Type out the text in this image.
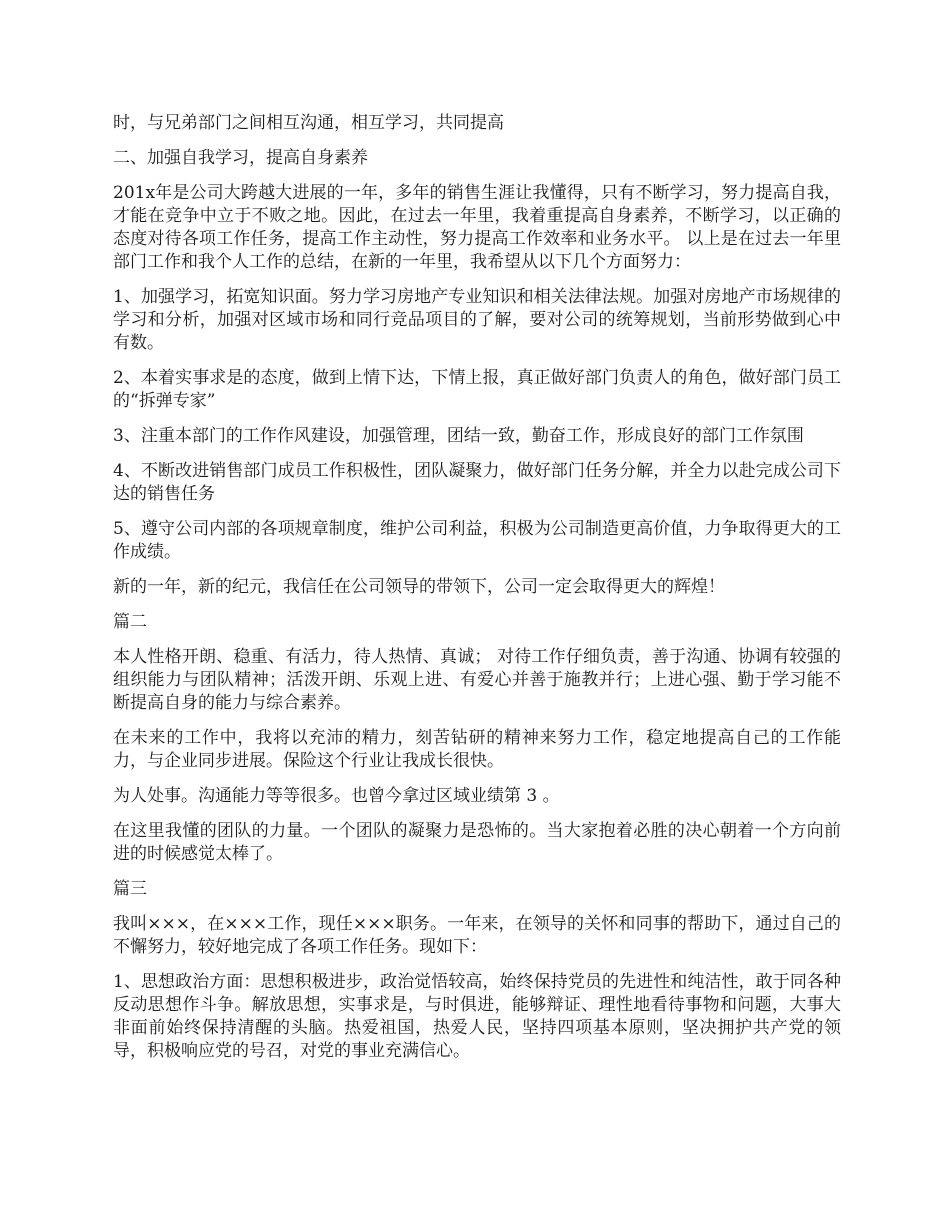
时，与兄弟部门之间相互沟通，相互学习，共同提高

二、加强自我学习，提高自身素养

201x年是公司大跨越大进展的一年，多年的销售生涯让我懂得，只有不断学习，努力提高自我，才能在竞争中立于不败之地。因此，在过去一年里，我着重提高自身素养，不断学习，以正确的态度对待各项工作任务，提高工作主动性，努力提高工作效率和业务水平。 以上是在过去一年里部门工作和我个人工作的总结，在新的一年里，我希望从以下几个方面努力：

1、加强学习，拓宽知识面。努力学习房地产专业知识和相关法律法规。加强对房地产市场规律的学习和分析，加强对区域市场和同行竞品项目的了解，要对公司的统筹规划，当前形势做到心中有数。

2、本着实事求是的态度，做到上情下达，下情上报，真正做好部门负责人的角色，做好部门员工的“拆弹专家”

3、注重本部门的工作作风建设，加强管理，团结一致，勤奋工作，形成良好的部门工作氛围

4、不断改进销售部门成员工作积极性，团队凝聚力，做好部门任务分解，并全力以赴完成公司下达的销售任务

5、遵守公司内部的各项规章制度，维护公司利益，积极为公司制造更高价值，力争取得更大的工作成绩。

新的一年，新的纪元，我信任在公司领导的带领下，公司一定会取得更大的辉煌！

篇二

本人性格开朗、稳重、有活力，待人热情、真诚； 对待工作仔细负责，善于沟通、协调有较强的组织能力与团队精神；活泼开朗、乐观上进、有爱心并善于施教并行；上进心强、勤于学习能不断提高自身的能力与综合素养。

在未来的工作中，我将以充沛的精力，刻苦钻研的精神来努力工作，稳定地提高自己的工作能力，与企业同步进展。保险这个行业让我成长很快。

为人处事。沟通能力等等很多。也曾今拿过区域业绩第 3 。

在这里我懂的团队的力量。一个团队的凝聚力是恐怖的。当大家抱着必胜的决心朝着一个方向前进的时候感觉太棒了。

篇三

我叫×××，在×××工作，现任×××职务。一年来，在领导的关怀和同事的帮助下，通过自己的不懈努力，较好地完成了各项工作任务。现如下：

1、思想政治方面：思想积极进步，政治觉悟较高，始终保持党员的先进性和纯洁性，敢于同各种反动思想作斗争。解放思想，实事求是，与时俱进，能够辩证、理性地看待事物和问题，大事大非面前始终保持清醒的头脑。热爱祖国，热爱人民，坚持四项基本原则，坚决拥护共产党的领导，积极响应党的号召，对党的事业充满信心。
